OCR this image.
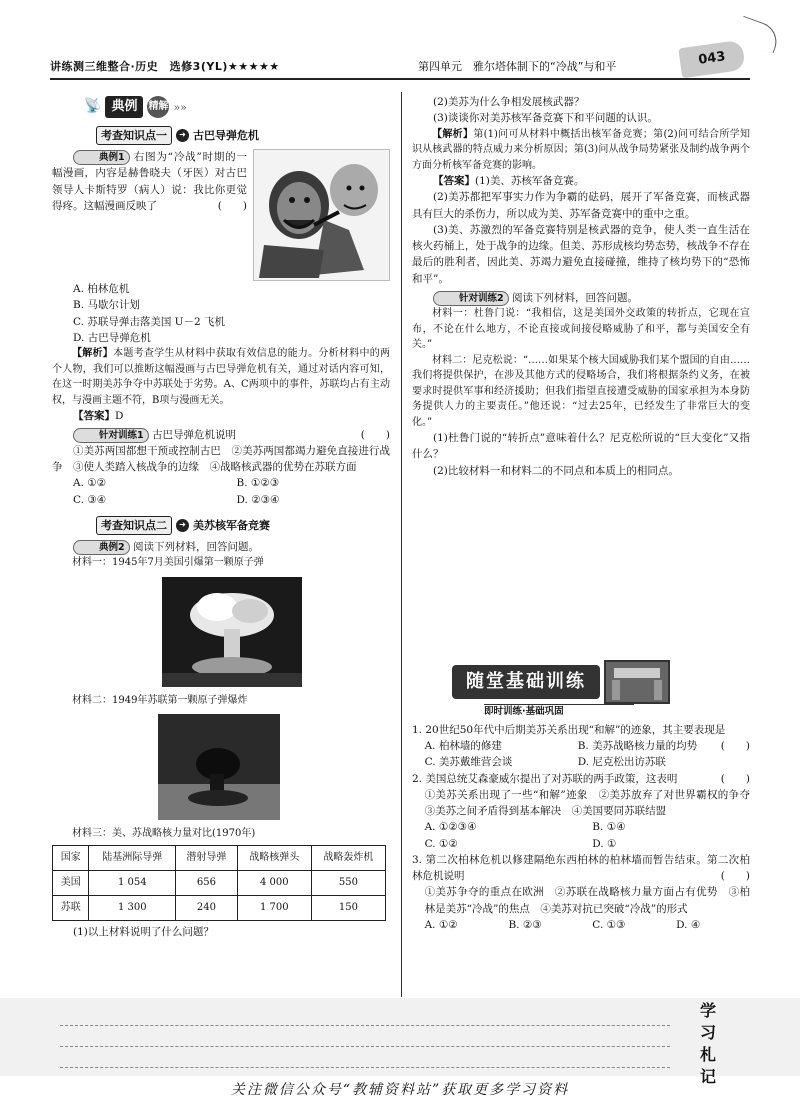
讲练测三维整合·历史　选修3(YL)★★★★★	第四单元　雅尔塔体制下的“冷战”与和平	043
📡 典例	精解 »»
考查知识点一	➜ 古巴导弹危机

典例1 右图为“冷战”时期的一幅漫画，内容是赫鲁晓夫（牙医）对古巴领导人卡斯特罗（病人）说：我比你更觉得疼。这幅漫画反映了	(　　)

A. 柏林危机
B. 马歇尔计划
C. 苏联导弹击落美国 U－2 飞机
D. 古巴导弹危机

【解析】本题考查学生从材料中获取有效信息的能力。分析材料中的两个人物，我们可以推断这幅漫画与古巴导弹危机有关，通过对话内容可知，在这一时期美苏争夺中苏联处于劣势。A、C两项中的事件，苏联均占有主动权，与漫画主题不符，B项与漫画无关。

【答案】D

针对训练1 古巴导弹危机说明	(　　)

①美苏两国都想干预或控制古巴　②美苏两国都竭力避免直接进行战争　③使人类踏入核战争的边缘　④战略核武器的优势在苏联方面

A. ①②	B. ①②③
C. ③④	D. ②③④
考查知识点二	➜ 美苏核军备竞赛

典例2 阅读下列材料，回答问题。

材料一：1945年7月美国引爆第一颗原子弹

材料二：1949年苏联第一颗原子弹爆炸

材料三：美、苏战略核力量对比(1970年)

国家	陆基洲际导弹	潜射导弹	战略核弹头	战略轰炸机
美国	1 054	656	4 000	550
苏联	1 300	240	1 700	150

(1)以上材料说明了什么问题？

(2)美苏为什么争相发展核武器？

(3)谈谈你对美苏核军备竞赛下和平问题的认识。

【解析】第(1)问可从材料中概括出核军备竞赛；第(2)问可结合所学知识从核武器的特点威力来分析原因；第(3)问从战争局势紧张及制约战争两个方面分析核军备竞赛的影响。

【答案】(1)美、苏核军备竞赛。

(2)美苏都把军事实力作为争霸的砝码，展开了军备竞赛，而核武器具有巨大的杀伤力，所以成为美、苏军备竞赛中的重中之重。

(3)美、苏激烈的军备竞赛特别是核武器的竞争，使人类一直生活在核火药桶上，处于战争的边缘。但美、苏形成核均势态势，核战争不存在最后的胜利者，因此美、苏竭力避免直接碰撞，维持了核均势下的“恐怖和平”。

针对训练2 阅读下列材料，回答问题。

材料一：杜鲁门说：“我相信，这是美国外交政策的转折点，它现在宣布，不论在什么地方，不论直接或间接侵略威胁了和平，都与美国安全有关。”

材料二：尼克松说：“……如果某个核大国威胁我们某个盟国的自由……我们将提供保护，在涉及其他方式的侵略场合，我们将根据条约义务，在被要求时提供军事和经济援助；但我们指望直接遭受威胁的国家承担为本身防务提供人力的主要责任。”他还说：“过去25年，已经发生了非常巨大的变化。”

(1)杜鲁门说的“转折点”意味着什么？尼克松所说的“巨大变化”又指什么？

(2)比较材料一和材料二的不同点和本质上的相同点。

随堂基础训练
即时训练·基础巩固

1. 20世纪50年代中后期美苏关系出现“和解”的迹象，其主要表现是
(　　)

A. 柏林墙的修建	B. 美苏战略核力量的均势
C. 美苏戴维营会谈	D. 尼克松出访苏联

2. 美国总统艾森豪威尔提出了对苏联的两手政策，这表明	(　　)

①美苏关系出现了一些“和解”迹象　②美苏放弃了对世界霸权的争夺　③美苏之间矛盾得到基本解决　④美国要同苏联结盟

A. ①②③④	B. ①④
C. ①②	D. ①

3. 第二次柏林危机以修建隔绝东西柏林的柏林墙而暂告结束。第二次柏林危机说明	(　　)

①美苏争夺的重点在欧洲　②苏联在战略核力量方面占有优势　③柏林是美苏“冷战”的焦点　④美苏对抗已突破“冷战”的形式

A. ①②	B. ②③	C. ①③	D. ④
学习札记
关注微信公众号“教辅资料站”获取更多学习资料
